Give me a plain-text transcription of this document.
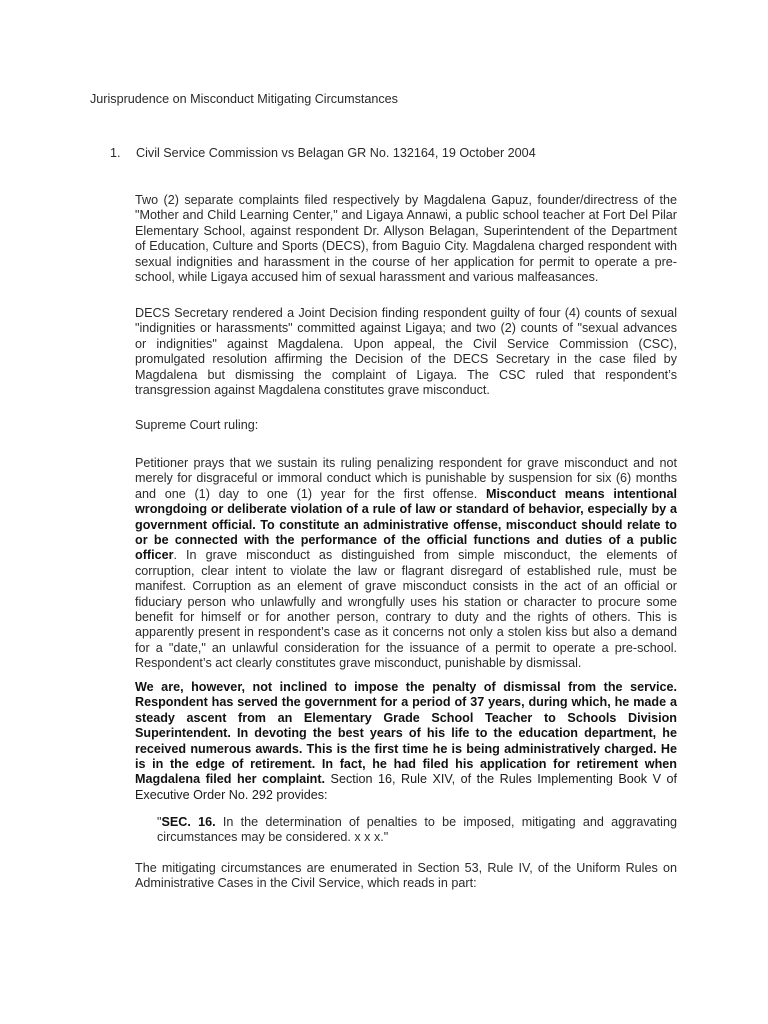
Jurisprudence on Misconduct Mitigating Circumstances
1. Civil Service Commission vs Belagan GR No. 132164, 19 October 2004
Two (2) separate complaints filed respectively by Magdalena Gapuz, founder/directress of the "Mother and Child Learning Center," and Ligaya Annawi, a public school teacher at Fort Del Pilar Elementary School, against respondent Dr. Allyson Belagan, Superintendent of the Department of Education, Culture and Sports (DECS), from Baguio City. Magdalena charged respondent with sexual indignities and harassment in the course of her application for permit to operate a pre-school, while Ligaya accused him of sexual harassment and various malfeasances.
DECS Secretary rendered a Joint Decision finding respondent guilty of four (4) counts of sexual "indignities or harassments" committed against Ligaya; and two (2) counts of "sexual advances or indignities" against Magdalena. Upon appeal, the Civil Service Commission (CSC), promulgated resolution affirming the Decision of the DECS Secretary in the case filed by Magdalena but dismissing the complaint of Ligaya. The CSC ruled that respondent’s transgression against Magdalena constitutes grave misconduct.
Supreme Court ruling:
Petitioner prays that we sustain its ruling penalizing respondent for grave misconduct and not merely for disgraceful or immoral conduct which is punishable by suspension for six (6) months and one (1) day to one (1) year for the first offense. Misconduct means intentional wrongdoing or deliberate violation of a rule of law or standard of behavior, especially by a government official. To constitute an administrative offense, misconduct should relate to or be connected with the performance of the official functions and duties of a public officer. In grave misconduct as distinguished from simple misconduct, the elements of corruption, clear intent to violate the law or flagrant disregard of established rule, must be manifest. Corruption as an element of grave misconduct consists in the act of an official or fiduciary person who unlawfully and wrongfully uses his station or character to procure some benefit for himself or for another person, contrary to duty and the rights of others. This is apparently present in respondent’s case as it concerns not only a stolen kiss but also a demand for a "date," an unlawful consideration for the issuance of a permit to operate a pre-school. Respondent’s act clearly constitutes grave misconduct, punishable by dismissal.
We are, however, not inclined to impose the penalty of dismissal from the service. Respondent has served the government for a period of 37 years, during which, he made a steady ascent from an Elementary Grade School Teacher to Schools Division Superintendent. In devoting the best years of his life to the education department, he received numerous awards. This is the first time he is being administratively charged. He is in the edge of retirement. In fact, he had filed his application for retirement when Magdalena filed her complaint. Section 16, Rule XIV, of the Rules Implementing Book V of Executive Order No. 292 provides:
"SEC. 16. In the determination of penalties to be imposed, mitigating and aggravating circumstances may be considered. x x x."
The mitigating circumstances are enumerated in Section 53, Rule IV, of the Uniform Rules on Administrative Cases in the Civil Service, which reads in part:
